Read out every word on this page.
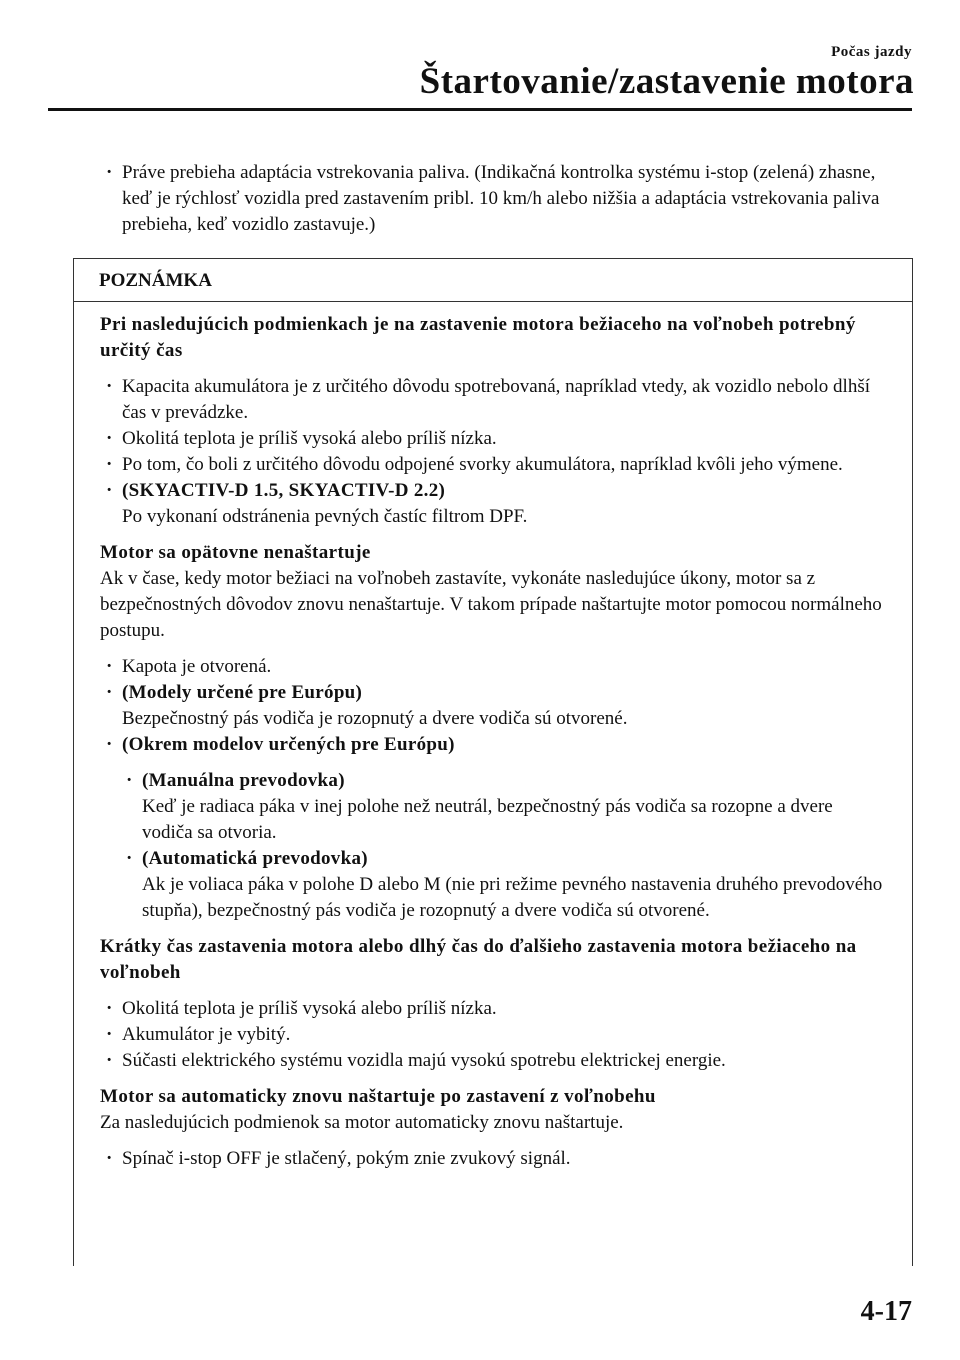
Počas jazdy
Štartovanie/zastavenie motora
· Práve prebieha adaptácia vstrekovania paliva. (Indikačná kontrolka systému i-stop (zelená) zhasne, keď je rýchlosť vozidla pred zastavením pribl. 10 km/h alebo nižšia a adaptácia vstrekovania paliva prebieha, keď vozidlo zastavuje.)
POZNÁMKA
Pri nasledujúcich podmienkach je na zastavenie motora bežiaceho na voľnobeh potrebný určitý čas
· Kapacita akumulátora je z určitého dôvodu spotrebovaná, napríklad vtedy, ak vozidlo nebolo dlhší čas v prevádzke.
· Okolitá teplota je príliš vysoká alebo príliš nízka.
· Po tom, čo boli z určitého dôvodu odpojené svorky akumulátora, napríklad kvôli jeho výmene.
· (SKYACTIV-D 1.5, SKYACTIV-D 2.2)
Po vykonaní odstránenia pevných častíc filtrom DPF.
Motor sa opätovne nenaštartuje
Ak v čase, kedy motor bežiaci na voľnobeh zastavíte, vykonáte nasledujúce úkony, motor sa z bezpečnostných dôvodov znovu nenaštartuje. V takom prípade naštartujte motor pomocou normálneho postupu.
· Kapota je otvorená.
· (Modely určené pre Európu)
Bezpečnostný pás vodiča je rozopnutý a dvere vodiča sú otvorené.
· (Okrem modelov určených pre Európu)
· (Manuálna prevodovka)
Keď je radiaca páka v inej polohe než neutrál, bezpečnostný pás vodiča sa rozopne a dvere vodiča sa otvoria.
· (Automatická prevodovka)
Ak je voliaca páka v polohe D alebo M (nie pri režime pevného nastavenia druhého prevodového stupňa), bezpečnostný pás vodiča je rozopnutý a dvere vodiča sú otvorené.
Krátky čas zastavenia motora alebo dlhý čas do ďalšieho zastavenia motora bežiaceho na voľnobeh
· Okolitá teplota je príliš vysoká alebo príliš nízka.
· Akumulátor je vybitý.
· Súčasti elektrického systému vozidla majú vysokú spotrebu elektrickej energie.
Motor sa automaticky znovu naštartuje po zastavení z voľnobehu
Za nasledujúcich podmienok sa motor automaticky znovu naštartuje.
· Spínač i-stop OFF je stlačený, pokým znie zvukový signál.
4-17
